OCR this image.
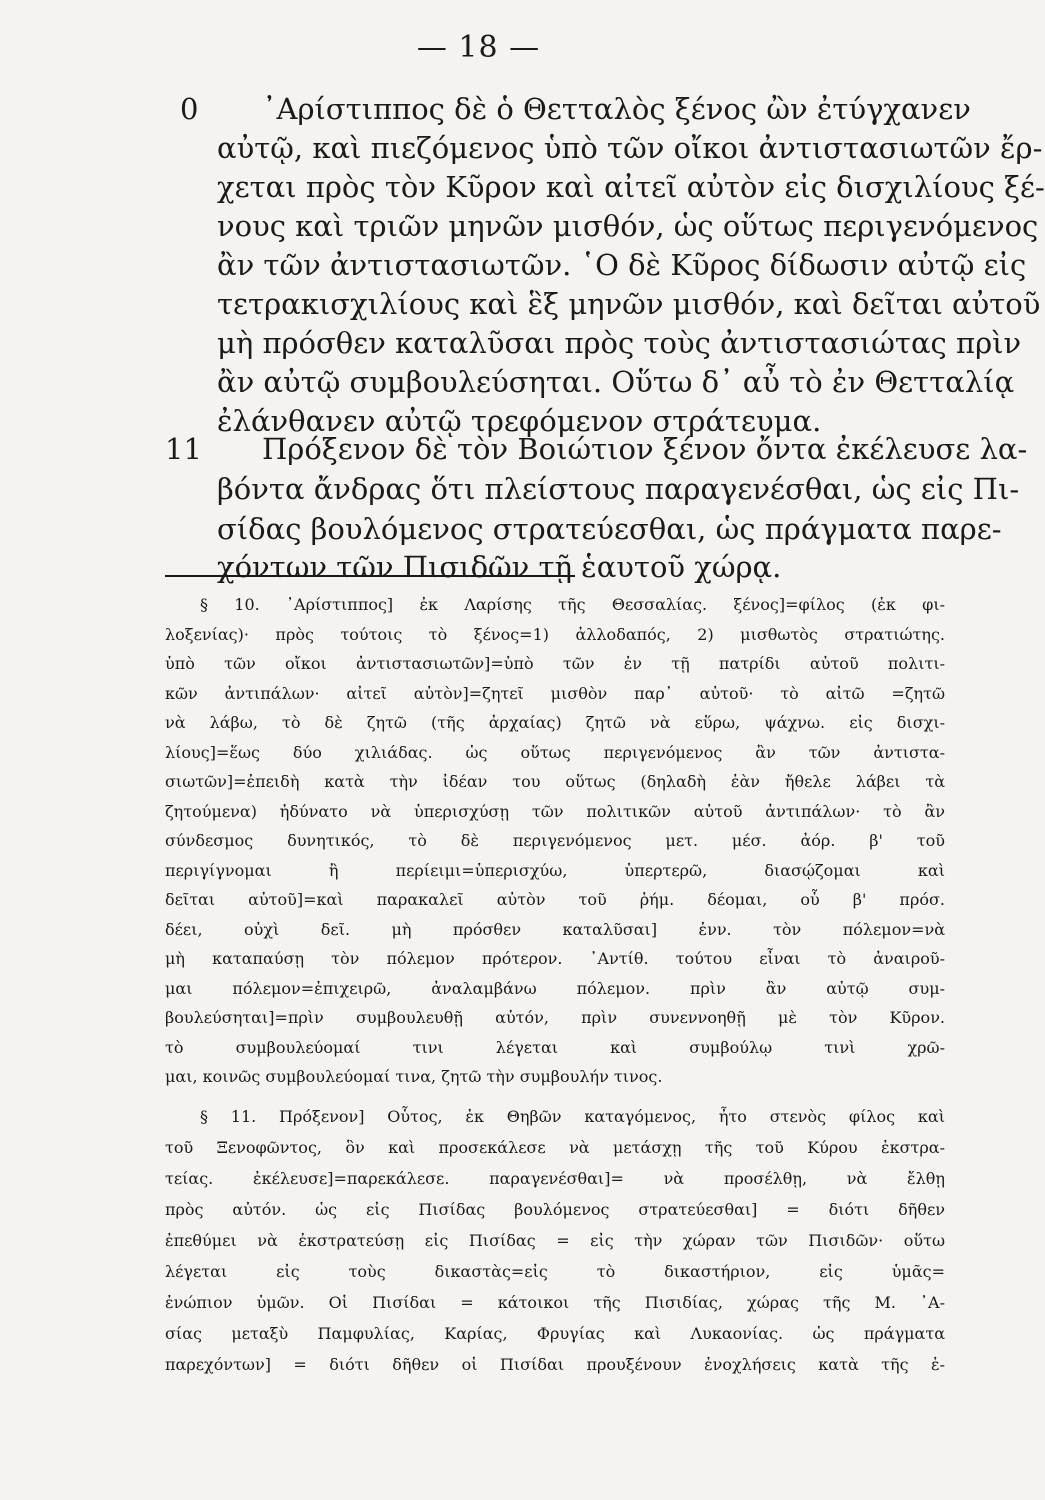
— 18 —
0 ᾿Αρίστιππος δὲ ὁ Θετταλὸς ξένος ὢν ἐτύγχανεν
αὐτῷ, καὶ πιεζόμενος ὑπὸ τῶν οἴκοι ἀντιστασιωτῶν ἔρ-
χεται πρὸς τὸν Κῦρον καὶ αἰτεῖ αὐτὸν εἰς δισχιλίους ξέ-
νους καὶ τριῶν μηνῶν μισθόν, ὡς οὕτως περιγενόμενος
ἂν τῶν ἀντιστασιωτῶν. ῾Ο δὲ Κῦρος δίδωσιν αὐτῷ εἰς
τετρακισχιλίους καὶ ἓξ μηνῶν μισθόν, καὶ δεῖται αὐτοῦ
μὴ πρόσθεν καταλῦσαι πρὸς τοὺς ἀντιστασιώτας πρὶν
ἂν αὐτῷ συμβουλεύσηται. Οὕτω δ᾿ αὖ τὸ ἐν Θετταλίᾳ
ἐλάνθανεν αὐτῷ τρεφόμενον στράτευμα.
11 Πρόξενον δὲ τὸν Βοιώτιον ξένον ὄντα ἐκέλευσε λα-
βόντα ἄνδρας ὅτι πλείστους παραγενέσθαι, ὡς εἰς Πι-
σίδας βουλόμενος στρατεύεσθαι, ὡς πράγματα παρε-
χόντων τῶν Πισιδῶν τῇ ἑαυτοῦ χώρᾳ.
§ 10. ᾿Αρίστιππος] ἐκ Λαρίσης τῆς Θεσσαλίας. ξένος]=φίλος (ἐκ φι-
λοξενίας)· πρὸς τούτοις τὸ ξένος=1) ἀλλοδαπός, 2) μισθωτὸς στρατιώτης.
ὑπὸ τῶν οἴκοι ἀντιστασιωτῶν]=ὑπὸ τῶν ἐν τῇ πατρίδι αὐτοῦ πολιτι-
κῶν ἀντιπάλων· αἰτεῖ αὐτὸν]=ζητεῖ μισθὸν παρ᾿ αὐτοῦ· τὸ αἰτῶ =ζητῶ
νὰ λάβω, τὸ δὲ ζητῶ (τῆς ἀρχαίας) ζητῶ νὰ εὕρω, ψάχνω. εἰς δισχι-
λίους]=ἕως δύο χιλιάδας. ὡς οὕτως περιγενόμενος ἂν τῶν ἀντιστα-
σιωτῶν]=ἐπειδὴ κατὰ τὴν ἰδέαν του οὕτως (δηλαδὴ ἐὰν ἤθελε λάβει τὰ
ζητούμενα) ἠδύνατο νὰ ὑπερισχύσῃ τῶν πολιτικῶν αὐτοῦ ἀντιπάλων· τὸ ἂν
σύνδεσμος δυνητικός, τὸ δὲ περιγενόμενος μετ. μέσ. ἀόρ. β' τοῦ
περιγίγνομαι ἢ περίειμι=ὑπερισχύω, ὑπερτερῶ, διασῴζομαι καὶ
δεῖται αὐτοῦ]=καὶ παρακαλεῖ αὐτὸν τοῦ ῥήμ. δέομαι, οὗ β' πρόσ.
δέει, οὐχὶ δεῖ. μὴ πρόσθεν καταλῦσαι] ἐνν. τὸν πόλεμον=νὰ
μὴ καταπαύσῃ τὸν πόλεμον πρότερον. ᾿Αντίθ. τούτου εἶναι τὸ ἀναιροῦ-
μαι πόλεμον=ἐπιχειρῶ, ἀναλαμβάνω πόλεμον. πρὶν ἂν αὐτῷ συμ-
βουλεύσηται]=πρὶν συμβουλευθῇ αὐτόν, πρὶν συνεννοηθῇ μὲ τὸν Κῦρον.
τὸ συμβουλεύομαί τινι λέγεται καὶ συμβούλῳ τινὶ χρῶ-
μαι, κοινῶς συμβουλεύομαί τινα, ζητῶ τὴν συμβουλήν τινος.
§ 11. Πρόξενον] Οὗτος, ἐκ Θηβῶν καταγόμενος, ἦτο στενὸς φίλος καὶ
τοῦ Ξενοφῶντος, ὃν καὶ προσεκάλεσε νὰ μετάσχῃ τῆς τοῦ Κύρου ἐκστρα-
τείας. ἐκέλευσε]=παρεκάλεσε. παραγενέσθαι]= νὰ προσέλθῃ, νὰ ἔλθῃ
πρὸς αὐτόν. ὡς εἰς Πισίδας βουλόμενος στρατεύεσθαι] = διότι δῆθεν
ἐπεθύμει νὰ ἐκστρατεύσῃ εἰς Πισίδας = εἰς τὴν χώραν τῶν Πισιδῶν· οὕτω
λέγεται εἰς τοὺς δικαστὰς=εἰς τὸ δικαστήριον, εἰς ὑμᾶς=
ἐνώπιον ὑμῶν. Οἱ Πισίδαι = κάτοικοι τῆς Πισιδίας, χώρας τῆς Μ. ᾿Α-
σίας μεταξὺ Παμφυλίας, Καρίας, Φρυγίας καὶ Λυκαονίας. ὡς πράγματα
παρεχόντων] = διότι δῆθεν οἱ Πισίδαι προυξένουν ἐνοχλήσεις κατὰ τῆς ἑ-
